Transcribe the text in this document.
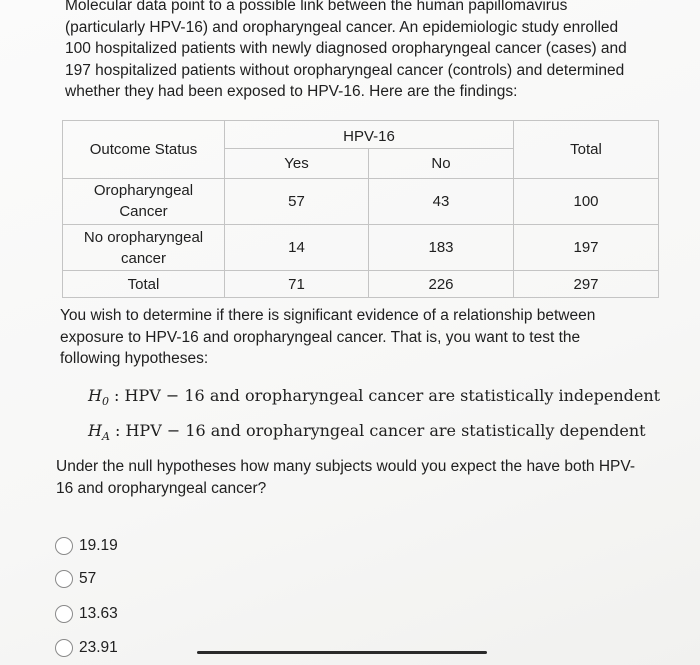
Molecular data point to a possible link between the human papillomavirus
(particularly HPV-16) and oropharyngeal cancer. An epidemiologic study enrolled
100 hospitalized patients with newly diagnosed oropharyngeal cancer (cases) and
197 hospitalized patients without oropharyngeal cancer (controls) and determined
whether they had been exposed to HPV-16. Here are the findings:
Outcome Status	HPV-16		Total
	Yes	No	

Oropharyngeal
Cancer	57	43	100

No oropharyngeal
cancer	14	183	197
Total	71	226	297
You wish to determine if there is significant evidence of a relationship between
exposure to HPV-16 and oropharyngeal cancer. That is, you want to test the
following hypotheses:
$H_0$ : HPV − 16 and oropharyngeal cancer are statistically independent
$H_A$ : HPV − 16 and oropharyngeal cancer are statistically dependent
Under the null hypotheses how many subjects would you expect the have both HPV-
16 and oropharyngeal cancer?
19.19
57
13.63
23.91
